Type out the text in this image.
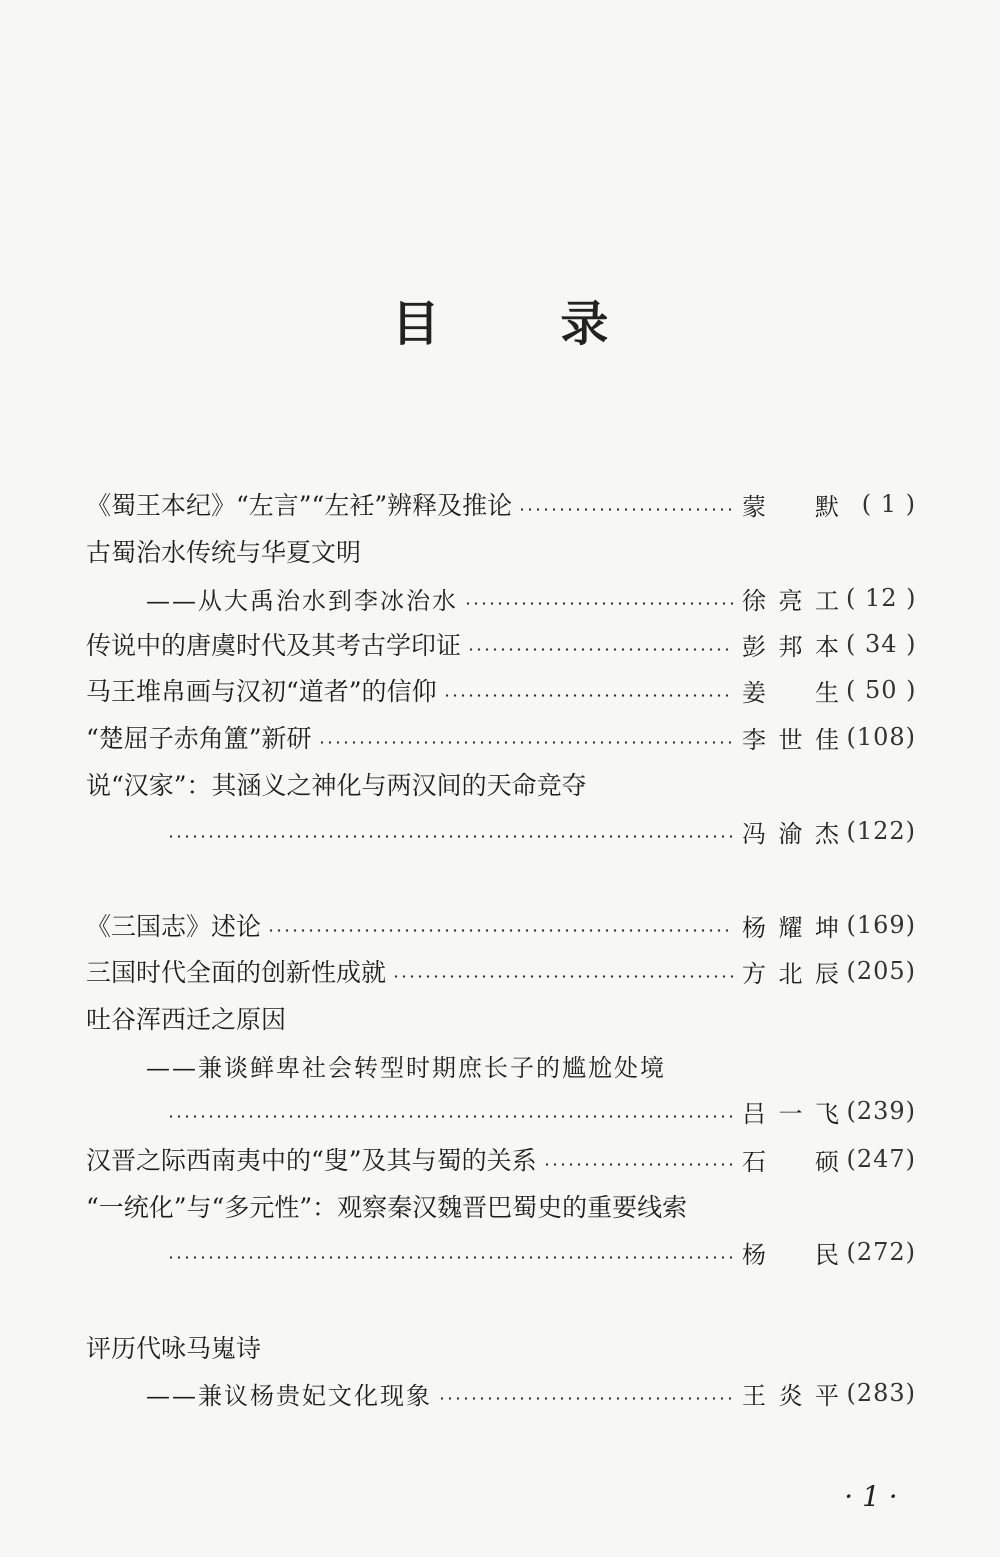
目 录
《蜀王本纪》“左言”“左衽”辨释及推论	蒙　默 ( 1 )
古蜀治水传统与华夏文明
——从大禹治水到李冰治水	徐亮工 ( 12 )
传说中的唐虞时代及其考古学印证	彭邦本 ( 34 )
马王堆帛画与汉初“道者”的信仰	姜　生 ( 50 )
“楚屈子赤角簠”新研	李世佳 (108)
说“汉家”：其涵义之神化与两汉间的天命竞夺
冯渝杰 (122)
《三国志》述论	杨耀坤 (169)
三国时代全面的创新性成就	方北辰 (205)
吐谷浑西迁之原因
——兼谈鲜卑社会转型时期庶长子的尴尬处境
吕一飞 (239)
汉晋之际西南夷中的“叟”及其与蜀的关系	石　硕 (247)
“一统化”与“多元性”：观察秦汉魏晋巴蜀史的重要线索
杨　民 (272)
评历代咏马嵬诗
——兼议杨贵妃文化现象	王炎平 (283)
· 1 ·
